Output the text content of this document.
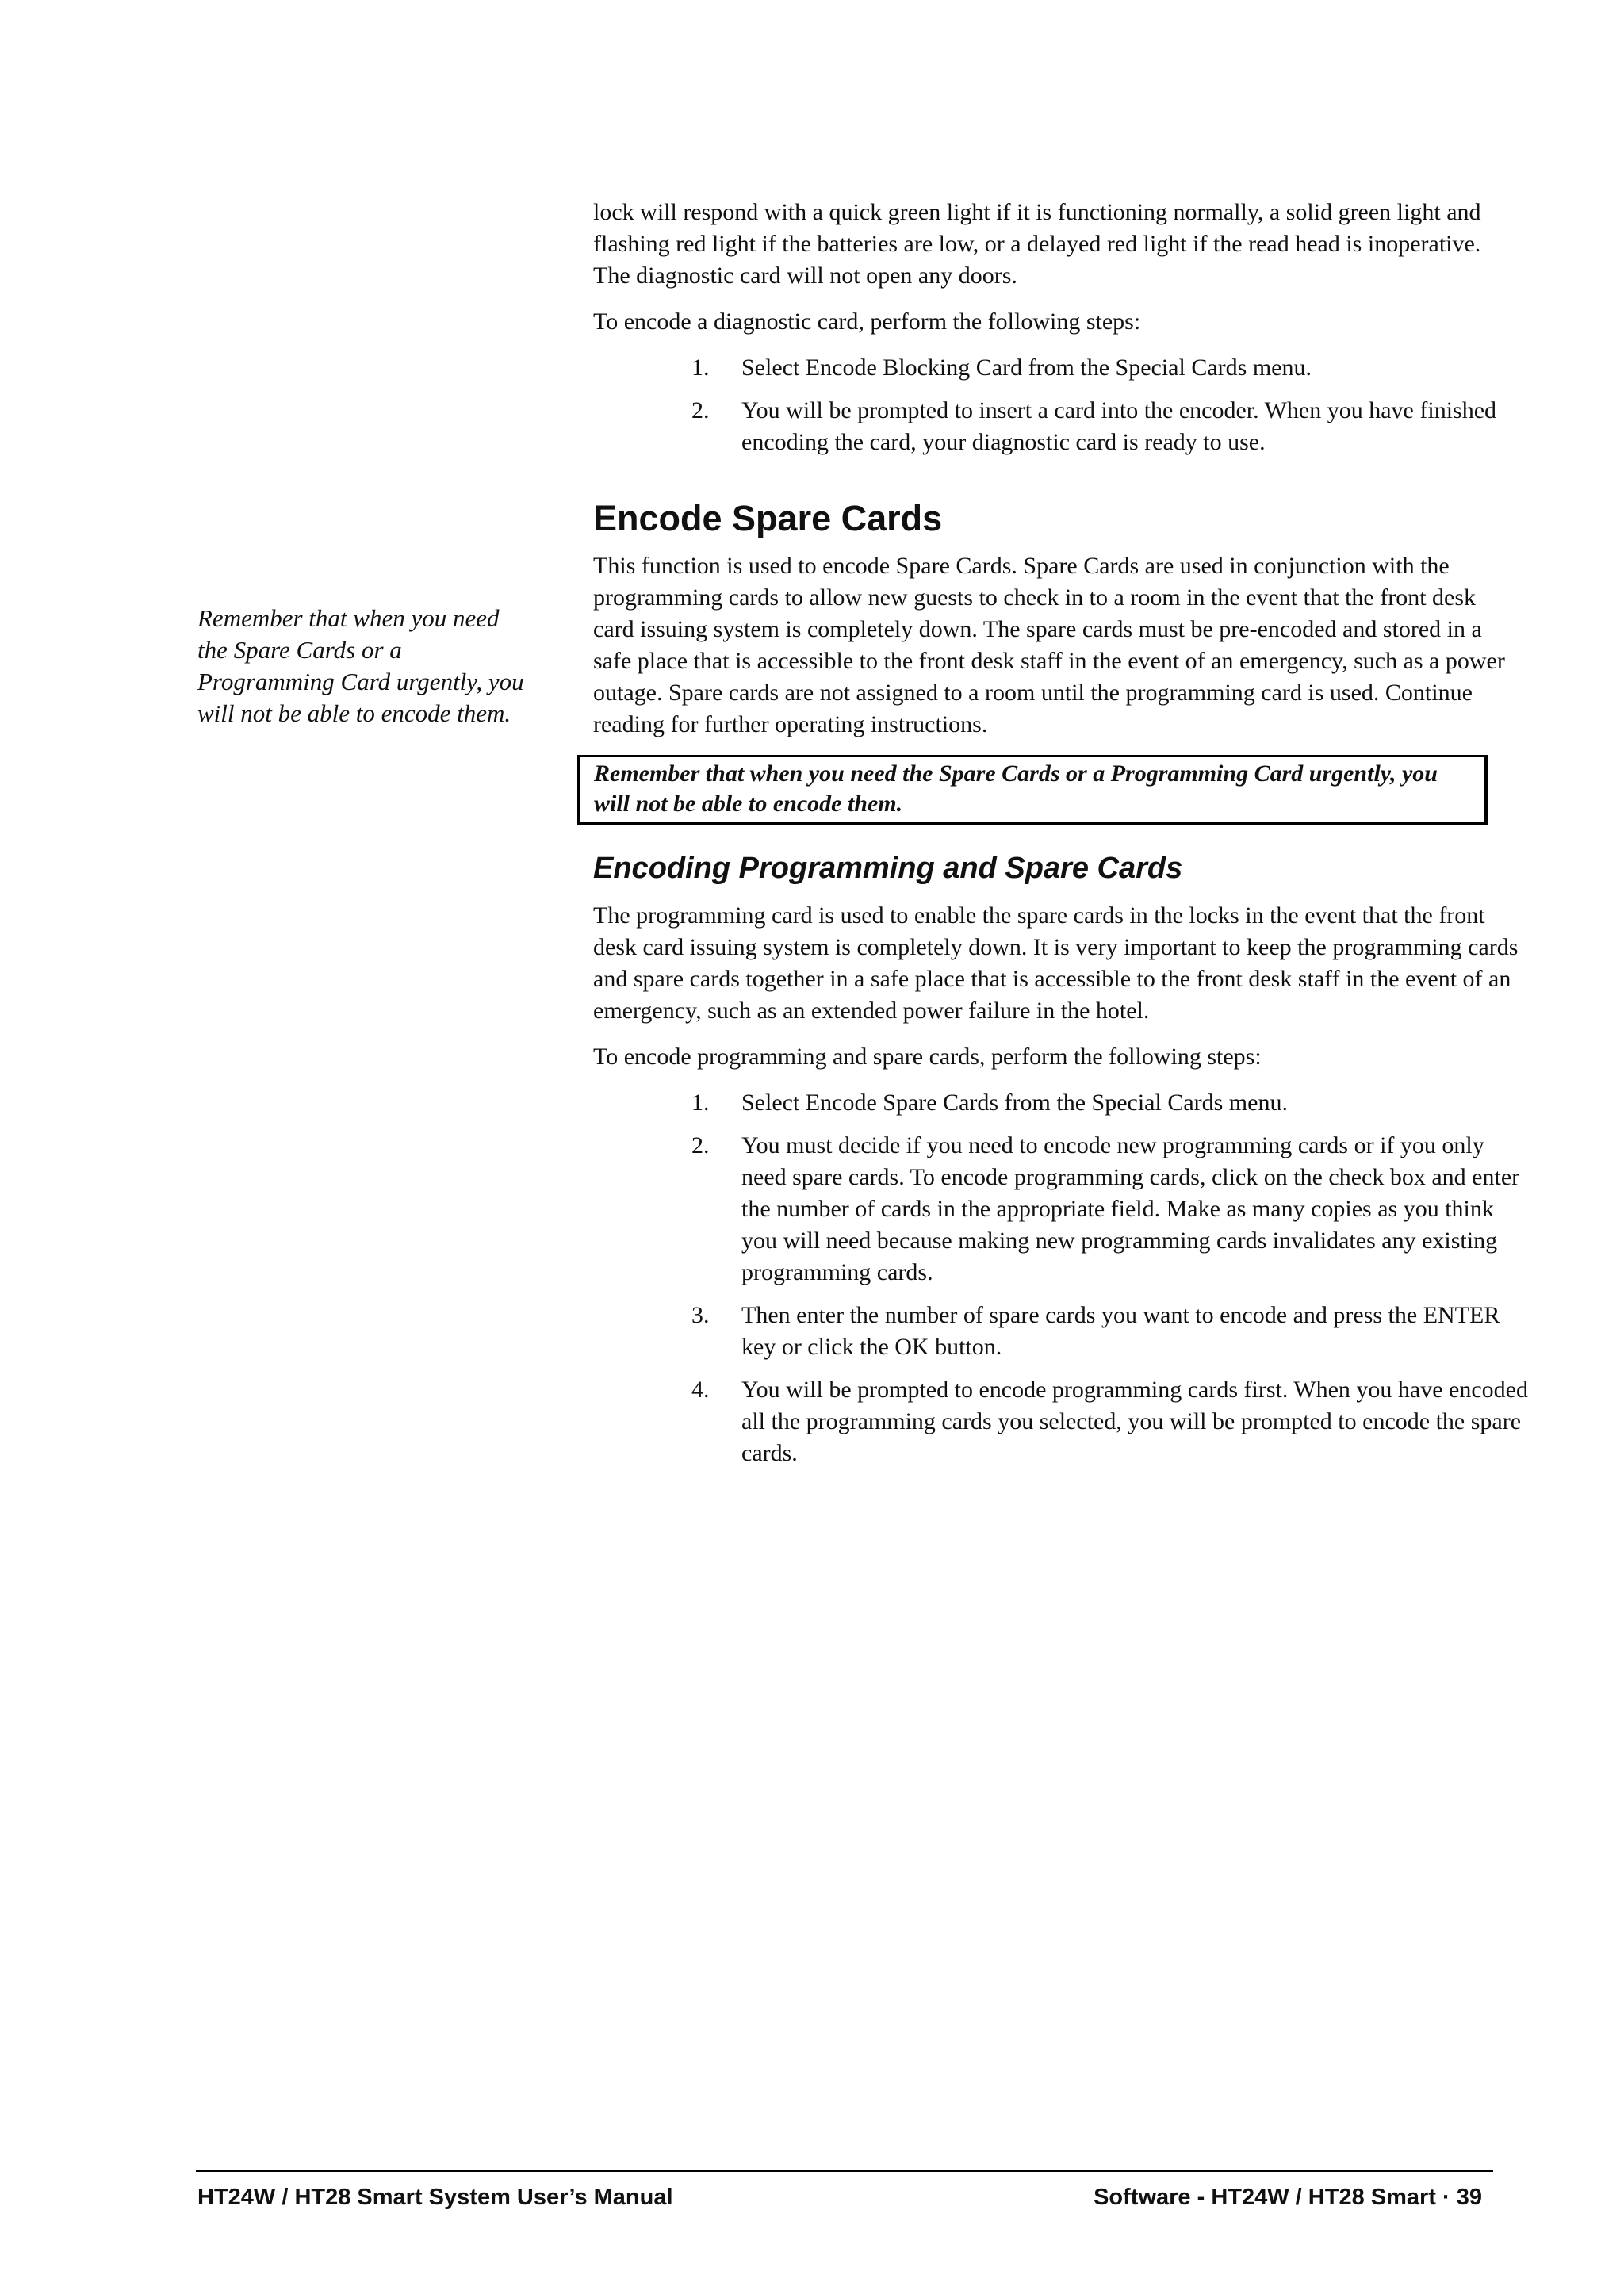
Remember that when you need the Spare Cards or a Programming Card urgently, you will not be able to encode them.

lock will respond with a quick green light if it is functioning normally, a solid green light and flashing red light if the batteries are low, or a delayed red light if the read head is inoperative. The diagnostic card will not open any doors.

To encode a diagnostic card, perform the following steps:

1. Select Encode Blocking Card from the Special Cards menu.
2. You will be prompted to insert a card into the encoder. When you have finished encoding the card, your diagnostic card is ready to use.
Encode Spare Cards

This function is used to encode Spare Cards. Spare Cards are used in conjunction with the programming cards to allow new guests to check in to a room in the event that the front desk card issuing system is completely down. The spare cards must be pre-encoded and stored in a safe place that is accessible to the front desk staff in the event of an emergency, such as a power outage. Spare cards are not assigned to a room until the programming card is used. Continue reading for further operating instructions.

Remember that when you need the Spare Cards or a Programming Card urgently, you will not be able to encode them.
Encoding Programming and Spare Cards

The programming card is used to enable the spare cards in the locks in the event that the front desk card issuing system is completely down. It is very important to keep the programming cards and spare cards together in a safe place that is accessible to the front desk staff in the event of an emergency, such as an extended power failure in the hotel.

To encode programming and spare cards, perform the following steps:

1. Select Encode Spare Cards from the Special Cards menu.
2. You must decide if you need to encode new programming cards or if you only need spare cards. To encode programming cards, click on the check box and enter the number of cards in the appropriate field. Make as many copies as you think you will need because making new programming cards invalidates any existing programming cards.
3. Then enter the number of spare cards you want to encode and press the ENTER key or click the OK button.
4. You will be prompted to encode programming cards first. When you have encoded all the programming cards you selected, you will be prompted to encode the spare cards.
HT24W / HT28 Smart System User’s Manual	Software - HT24W / HT28 Smart · 39
